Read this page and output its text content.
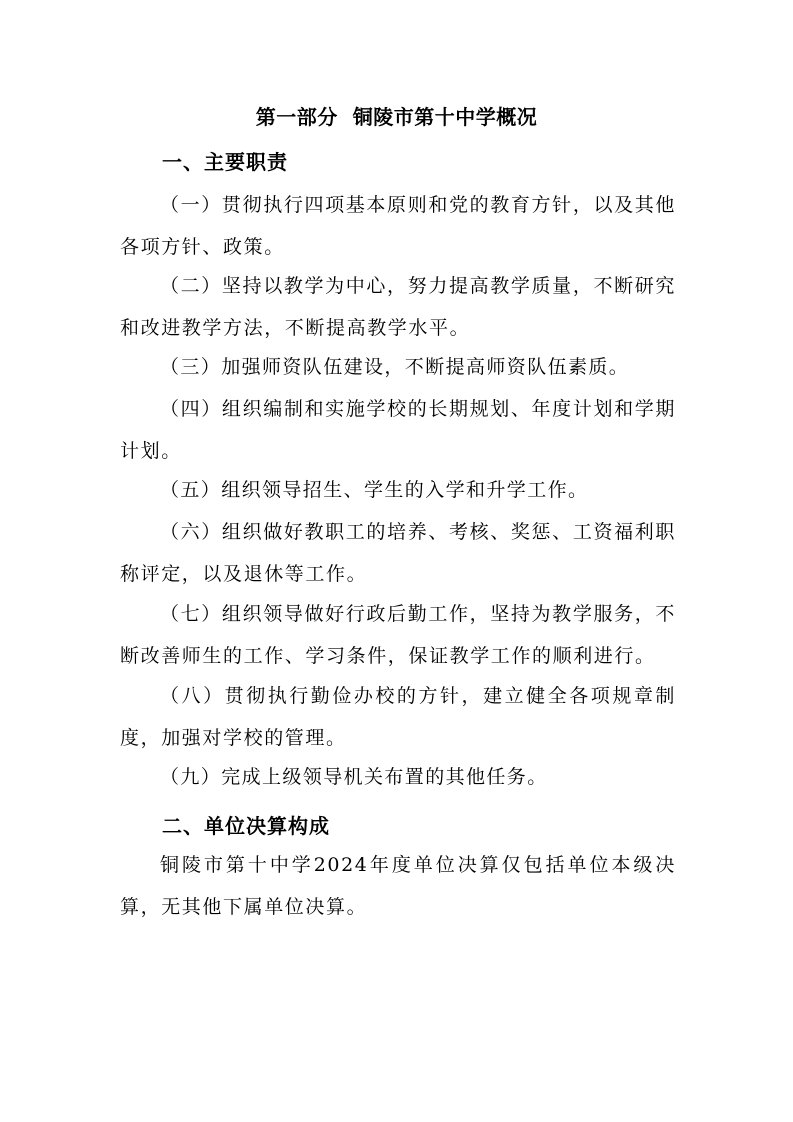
第一部分  铜陵市第十中学概况
一、主要职责
（一）贯彻执行四项基本原则和党的教育方针，以及其他各项方针、政策。
（二）坚持以教学为中心，努力提高教学质量，不断研究和改进教学方法，不断提高教学水平。
（三）加强师资队伍建设，不断提高师资队伍素质。
（四）组织编制和实施学校的长期规划、年度计划和学期计划。
（五）组织领导招生、学生的入学和升学工作。
（六）组织做好教职工的培养、考核、奖惩、工资福利职称评定，以及退休等工作。
（七）组织领导做好行政后勤工作，坚持为教学服务，不断改善师生的工作、学习条件，保证教学工作的顺利进行。
（八）贯彻执行勤俭办校的方针，建立健全各项规章制度，加强对学校的管理。
（九）完成上级领导机关布置的其他任务。
二、单位决算构成
铜陵市第十中学2024年度单位决算仅包括单位本级决算，无其他下属单位决算。
